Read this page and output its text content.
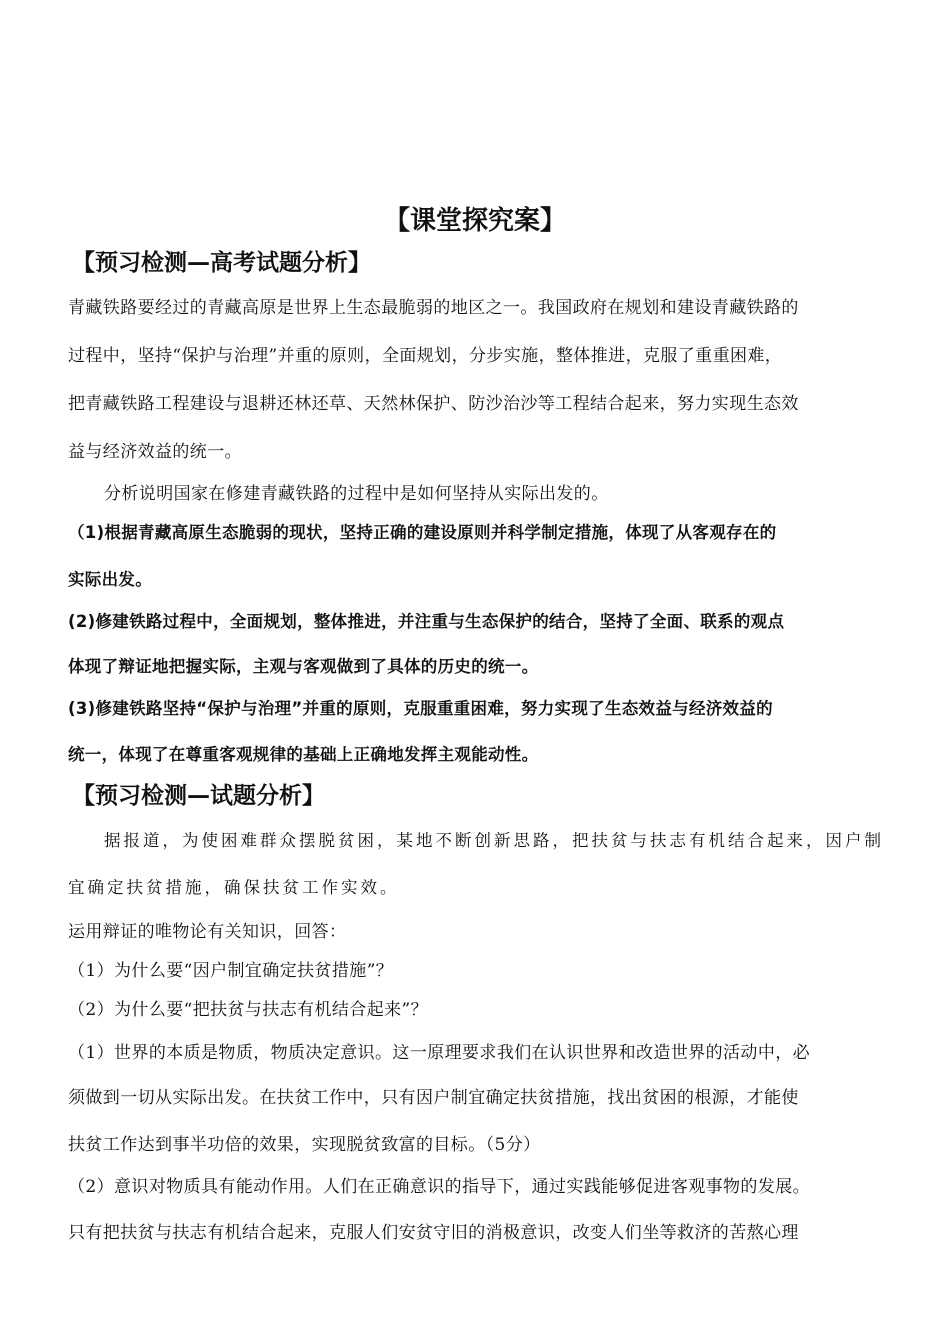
【课堂探究案】
【预习检测—高考试题分析】
青藏铁路要经过的青藏高原是世界上生态最脆弱的地区之一。我国政府在规划和建设青藏铁路的
过程中，坚持“保护与治理”并重的原则，全面规划，分步实施，整体推进，克服了重重困难，
把青藏铁路工程建设与退耕还林还草、天然林保护、防沙治沙等工程结合起来，努力实现生态效
益与经济效益的统一。
分析说明国家在修建青藏铁路的过程中是如何坚持从实际出发的。
（1)根据青藏高原生态脆弱的现状，坚持正确的建设原则并科学制定措施，体现了从客观存在的
实际出发。
(2)修建铁路过程中，全面规划，整体推进，并注重与生态保护的结合，坚持了全面、联系的观点
体现了辩证地把握实际，主观与客观做到了具体的历史的统一。
(3)修建铁路坚持“保护与治理”并重的原则，克服重重困难，努力实现了生态效益与经济效益的
统一，体现了在尊重客观规律的基础上正确地发挥主观能动性。
【预习检测—试题分析】
据报道，为使困难群众摆脱贫困，某地不断创新思路，把扶贫与扶志有机结合起来，因户制
宜确定扶贫措施，确保扶贫工作实效。
运用辩证的唯物论有关知识，回答：
（1）为什么要“因户制宜确定扶贫措施”？
（2）为什么要“把扶贫与扶志有机结合起来”？
（1）世界的本质是物质，物质决定意识。这一原理要求我们在认识世界和改造世界的活动中，必
须做到一切从实际出发。在扶贫工作中，只有因户制宜确定扶贫措施，找出贫困的根源，才能使
扶贫工作达到事半功倍的效果，实现脱贫致富的目标。（5分）
（2）意识对物质具有能动作用。人们在正确意识的指导下，通过实践能够促进客观事物的发展。
只有把扶贫与扶志有机结合起来，克服人们安贫守旧的消极意识，改变人们坐等救济的苦熬心理
